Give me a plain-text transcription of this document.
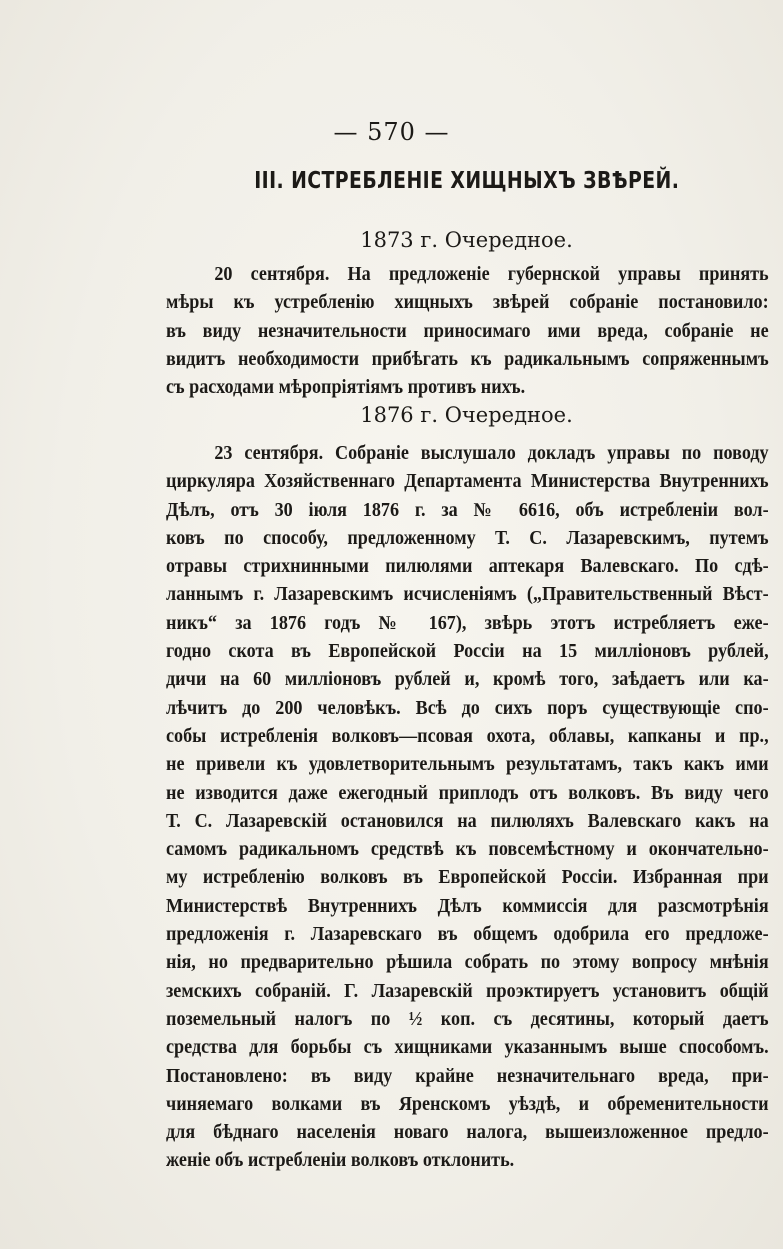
— 570 —
III. ИСТРЕБЛЕНІЕ ХИЩНЫХЪ ЗВѢРЕЙ.
1873 г. Очередное.
20 сентября. На предложеніе губернской управы принять
мѣры къ устребленію хищныхъ звѣрей собраніе постановило:
въ виду незначительности приносимаго ими вреда, собраніе не
видитъ необходимости прибѣгать къ радикальнымъ сопряженнымъ
съ расходами мѣропріятіямъ противъ нихъ.
1876 г. Очередное.
23 сентября. Собраніе выслушало докладъ управы по поводу
циркуляра Хозяйственнаго Департамента Министерства Внутреннихъ
Дѣлъ, отъ 30 іюля 1876 г. за № 6616, объ истребленіи вол-
ковъ по способу, предложенному Т. С. Лазаревскимъ, путемъ
отравы стрихнинными пилюлями аптекаря Валевскаго. По сдѣ-
ланнымъ г. Лазаревскимъ исчисленіямъ („Правительственный Вѣст-
никъ“ за 1876 годъ № 167), звѣрь этотъ истребляетъ еже-
годно скота въ Европейской Россіи на 15 милліоновъ рублей,
дичи на 60 милліоновъ рублей и, кромѣ того, заѣдаетъ или ка-
лѣчитъ до 200 человѣкъ. Всѣ до сихъ поръ существующіе спо-
собы истребленія волковъ—псовая охота, облавы, капканы и пр.,
не привели къ удовлетворительнымъ результатамъ, такъ какъ ими
не изводится даже ежегодный приплодъ отъ волковъ. Въ виду чего
Т. С. Лазаревскій остановился на пилюляхъ Валевскаго какъ на
самомъ радикальномъ средствѣ къ повсемѣстному и окончательно-
му истребленію волковъ въ Европейской Россіи. Избранная при
Министерствѣ Внутреннихъ Дѣлъ коммиссія для разсмотрѣнія
предложенія г. Лазаревскаго въ общемъ одобрила его предложе-
нія, но предварительно рѣшила собрать по этому вопросу мнѣнія
земскихъ собраній. Г. Лазаревскій проэктируетъ установитъ общій
поземельный налогъ по ½ коп. съ десятины, который даетъ
средства для борьбы съ хищниками указаннымъ выше способомъ.
Постановлено: въ виду крайне незначительнаго вреда, при-
чиняемаго волками въ Яренскомъ уѣздѣ, и обременительности
для бѣднаго населенія новаго налога, вышеизложенное предло-
женіе объ истребленіи волковъ отклонить.
